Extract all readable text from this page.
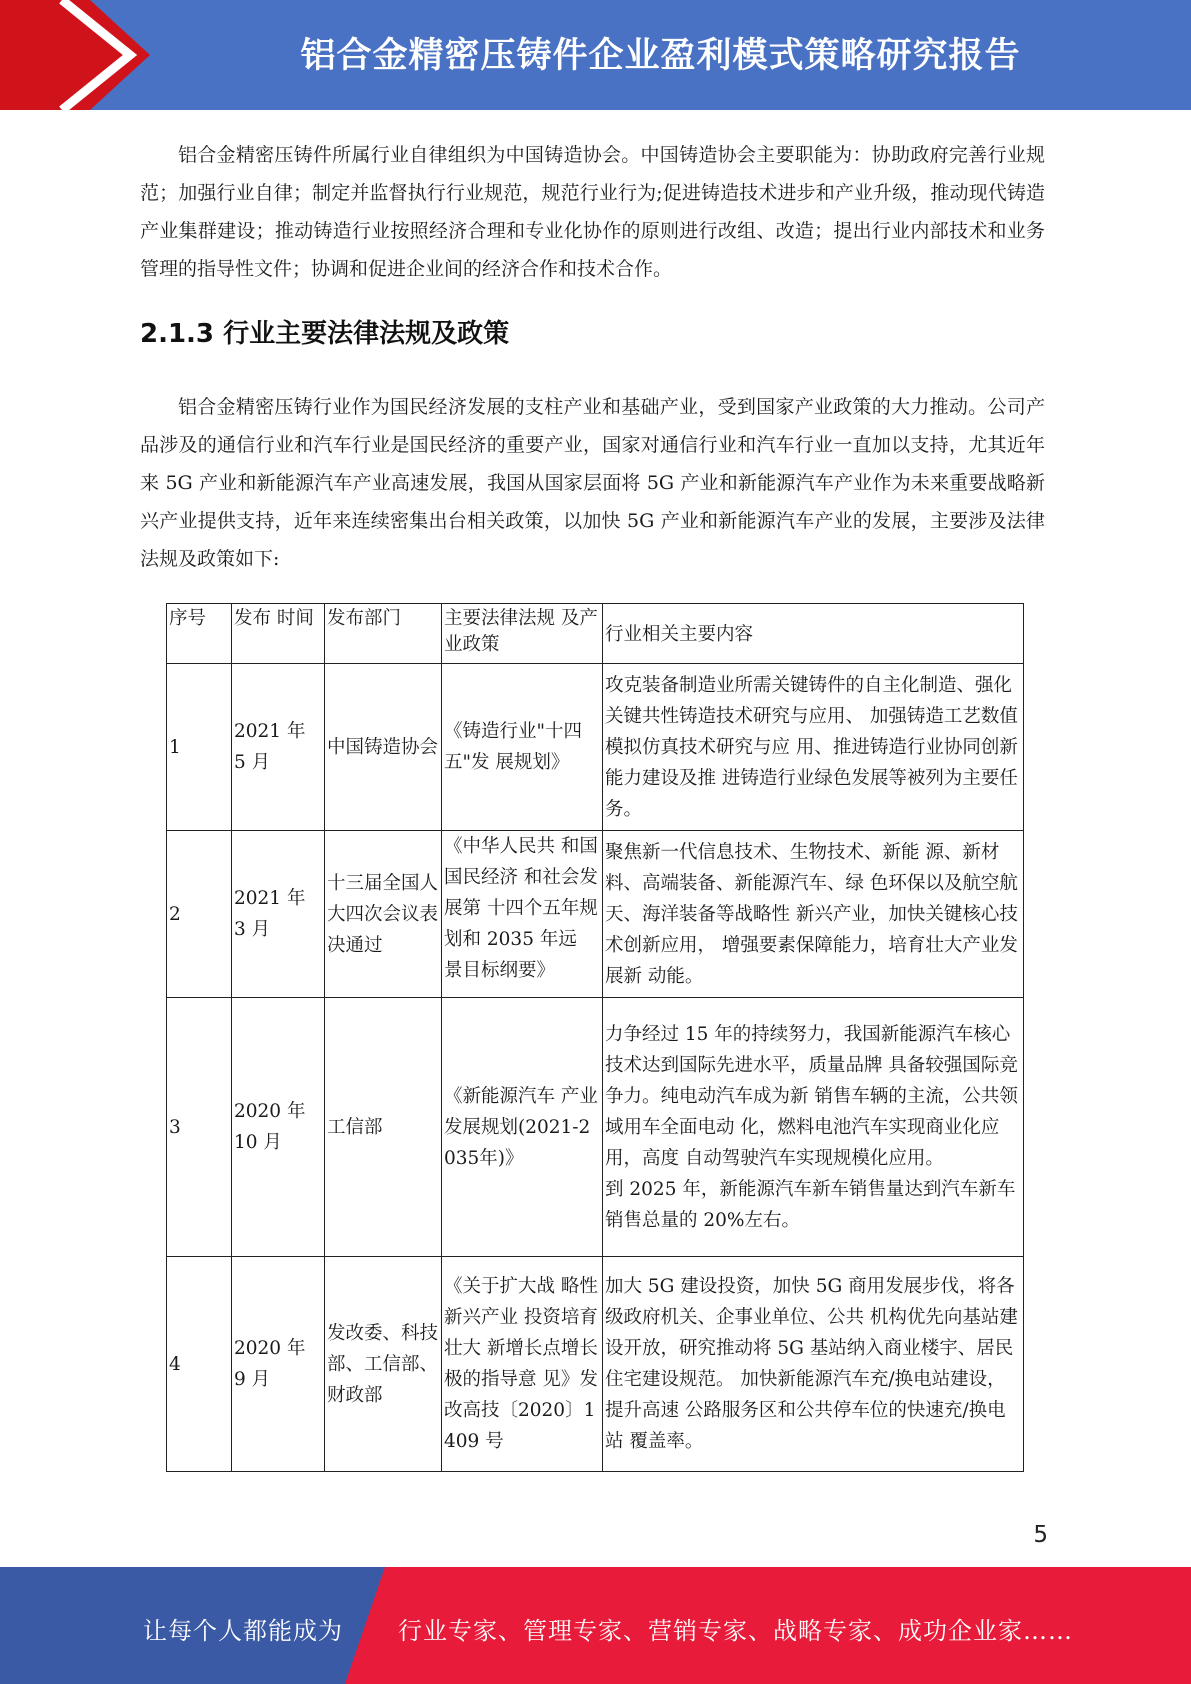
铝合金精密压铸件企业盈利模式策略研究报告

铝合金精密压铸件所属行业自律组织为中国铸造协会。中国铸造协会主要职能为：协助政府完善行业规范；加强行业自律；制定并监督执行行业规范，规范行业行为;促进铸造技术进步和产业升级，推动现代铸造产业集群建设；推动铸造行业按照经济合理和专业化协作的原则进行改组、改造；提出行业内部技术和业务管理的指导性文件；协调和促进企业间的经济合作和技术合作。

2.1.3 行业主要法律法规及政策

铝合金精密压铸行业作为国民经济发展的支柱产业和基础产业，受到国家产业政策的大力推动。公司产品涉及的通信行业和汽车行业是国民经济的重要产业，国家对通信行业和汽车行业一直加以支持，尤其近年来 5G 产业和新能源汽车产业高速发展，我国从国家层面将 5G 产业和新能源汽车产业作为未来重要战略新兴产业提供支持，近年来连续密集出台相关政策，以加快 5G 产业和新能源汽车产业的发展，主要涉及法律法规及政策如下:

序号	发布 时间	发布部门	主要法律法规 及产业政策	行业相关主要内容
1	2021 年 5 月	中国铸造协会	《铸造行业"十四五"发 展规划》	攻克装备制造业所需关键铸件的自主化制造、强化关键共性铸造技术研究与应用、 加强铸造工艺数值模拟仿真技术研究与应 用、推进铸造行业协同创新能力建设及推 进铸造行业绿色发展等被列为主要任务。
2	2021 年 3 月	十三届全国人大四次会议表决通过	《中华人民共 和国国民经济 和社会发展第 十四个五年规 划和 2035 年远 景目标纲要》	聚焦新一代信息技术、生物技术、新能 源、新材料、高端装备、新能源汽车、绿 色环保以及航空航天、海洋装备等战略性 新兴产业，加快关键核心技术创新应用， 增强要素保障能力，培育壮大产业发展新 动能。
3	2020 年 10 月	工信部	《新能源汽车 产业发展规划(2021-2035年)》	力争经过 15 年的持续努力，我国新能源汽车核心技术达到国际先进水平，质量品牌 具备较强国际竞争力。纯电动汽车成为新 销售车辆的主流，公共领域用车全面电动 化，燃料电池汽车实现商业化应用，高度 自动驾驶汽车实现规模化应用。
到 2025 年，新能源汽车新车销售量达到汽车新车销售总量的 20%左右。

4	2020 年 9 月	发改委、科技部、工信部、财政部	《关于扩大战 略性新兴产业 投资培育壮大 新增长点增长 极的指导意 见》发改高技〔2020〕1409 号	加大 5G 建设投资，加快 5G 商用发展步伐，将各级政府机关、企事业单位、公共 机构优先向基站建设开放，研究推动将 5G 基站纳入商业楼宇、居民住宅建设规范。 加快新能源汽车充/换电站建设，提升高速 公路服务区和公共停车位的快速充/换电站 覆盖率。
5
让每个人都能成为 行业专家、管理专家、营销专家、战略专家、成功企业家……
